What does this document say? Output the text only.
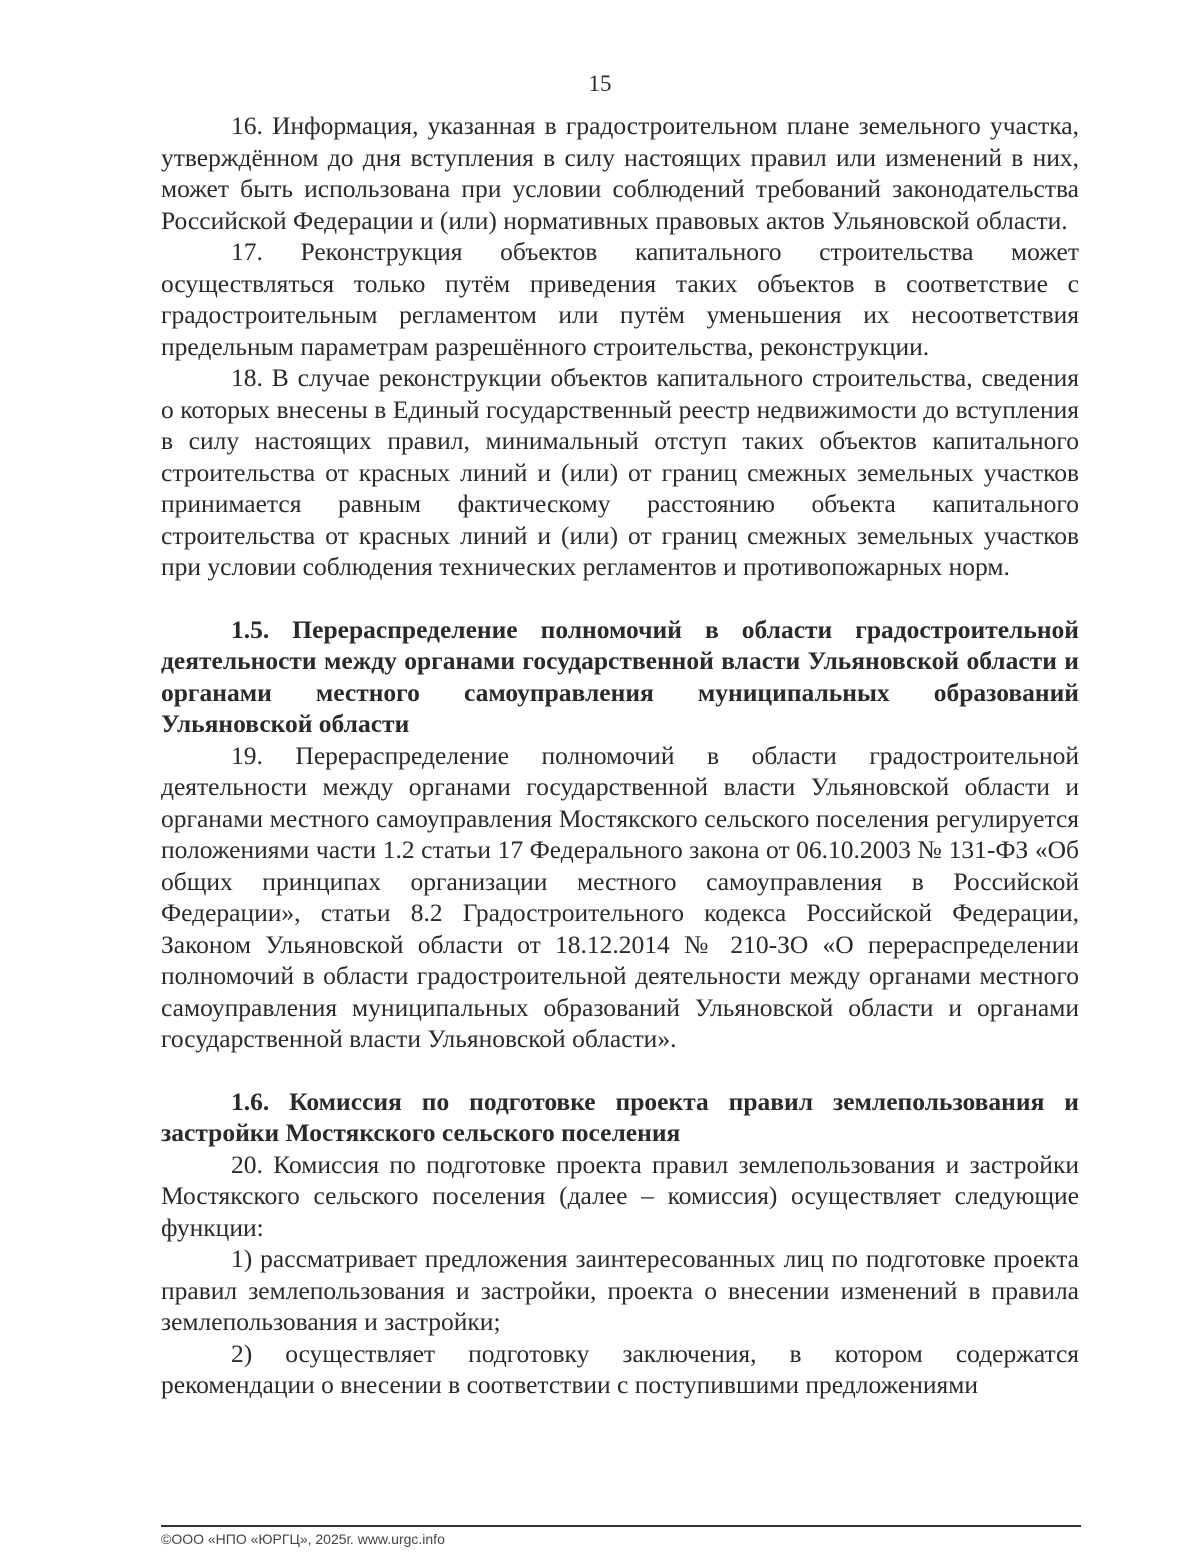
15

16. Информация, указанная в градостроительном плане земельного участка, утверждённом до дня вступления в силу настоящих правил или изменений в них, может быть использована при условии соблюдений требований законодательства Российской Федерации и (или) нормативных правовых актов Ульяновской области.

17. Реконструкция объектов капитального строительства может осуществляться только путём приведения таких объектов в соответствие с градостроительным регламентом или путём уменьшения их несоответствия предельным параметрам разрешённого строительства, реконструкции.

18. В случае реконструкции объектов капитального строительства, сведения о которых внесены в Единый государственный реестр недвижимости до вступления в силу настоящих правил, минимальный отступ таких объектов капитального строительства от красных линий и (или) от границ смежных земельных участков принимается равным фактическому расстоянию объекта капитального строительства от красных линий и (или) от границ смежных земельных участков при условии соблюдения технических регламентов и противопожарных норм.

1.5. Перераспределение полномочий в области градостроительной деятельности между органами государственной власти Ульяновской области и органами местного самоуправления муниципальных образований Ульяновской области

19. Перераспределение полномочий в области градостроительной деятельности между органами государственной власти Ульяновской области и органами местного самоуправления Мостякского сельского поселения регулируется положениями части 1.2 статьи 17 Федерального закона от 06.10.2003 № 131-ФЗ «Об общих принципах организации местного самоуправления в Российской Федерации», статьи 8.2 Градостроительного кодекса Российской Федерации, Законом Ульяновской области от 18.12.2014 № 210-ЗО «О перераспределении полномочий в области градостроительной деятельности между органами местного самоуправления муниципальных образований Ульяновской области и органами государственной власти Ульяновской области».

1.6. Комиссия по подготовке проекта правил землепользования и застройки Мостякского сельского поселения

20. Комиссия по подготовке проекта правил землепользования и застройки Мостякского сельского поселения (далее – комиссия) осуществляет следующие функции:

1) рассматривает предложения заинтересованных лиц по подготовке проекта правил землепользования и застройки, проекта о внесении изменений в правила землепользования и застройки;

2) осуществляет подготовку заключения, в котором содержатся рекомендации о внесении в соответствии с поступившими предложениями

©ООО «НПО «ЮРГЦ», 2025г. www.urgc.info
